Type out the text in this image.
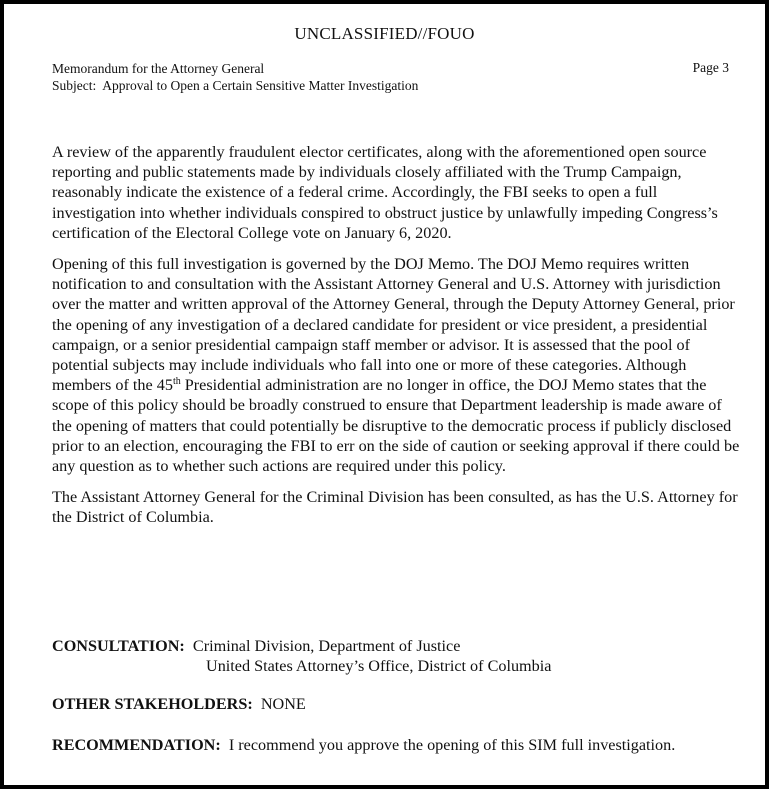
UNCLASSIFIED//FOUO
Memorandum for the Attorney General
Subject: Approval to Open a Certain Sensitive Matter Investigation
Page 3

A review of the apparently fraudulent elector certificates, along with the aforementioned open source reporting and public statements made by individuals closely affiliated with the Trump Campaign, reasonably indicate the existence of a federal crime. Accordingly, the FBI seeks to open a full investigation into whether individuals conspired to obstruct justice by unlawfully impeding Congress’s certification of the Electoral College vote on January 6, 2020.

Opening of this full investigation is governed by the DOJ Memo. The DOJ Memo requires written notification to and consultation with the Assistant Attorney General and U.S. Attorney with jurisdiction over the matter and written approval of the Attorney General, through the Deputy Attorney General, prior the opening of any investigation of a declared candidate for president or vice president, a presidential campaign, or a senior presidential campaign staff member or advisor. It is assessed that the pool of potential subjects may include individuals who fall into one or more of these categories. Although members of the 45th Presidential administration are no longer in office, the DOJ Memo states that the scope of this policy should be broadly construed to ensure that Department leadership is made aware of the opening of matters that could potentially be disruptive to the democratic process if publicly disclosed prior to an election, encouraging the FBI to err on the side of caution or seeking approval if there could be any question as to whether such actions are required under this policy.

The Assistant Attorney General for the Criminal Division has been consulted, as has the U.S. Attorney for the District of Columbia.

CONSULTATION: Criminal Division, Department of Justice
United States Attorney’s Office, District of Columbia
OTHER STAKEHOLDERS: NONE
RECOMMENDATION: I recommend you approve the opening of this SIM full investigation.
